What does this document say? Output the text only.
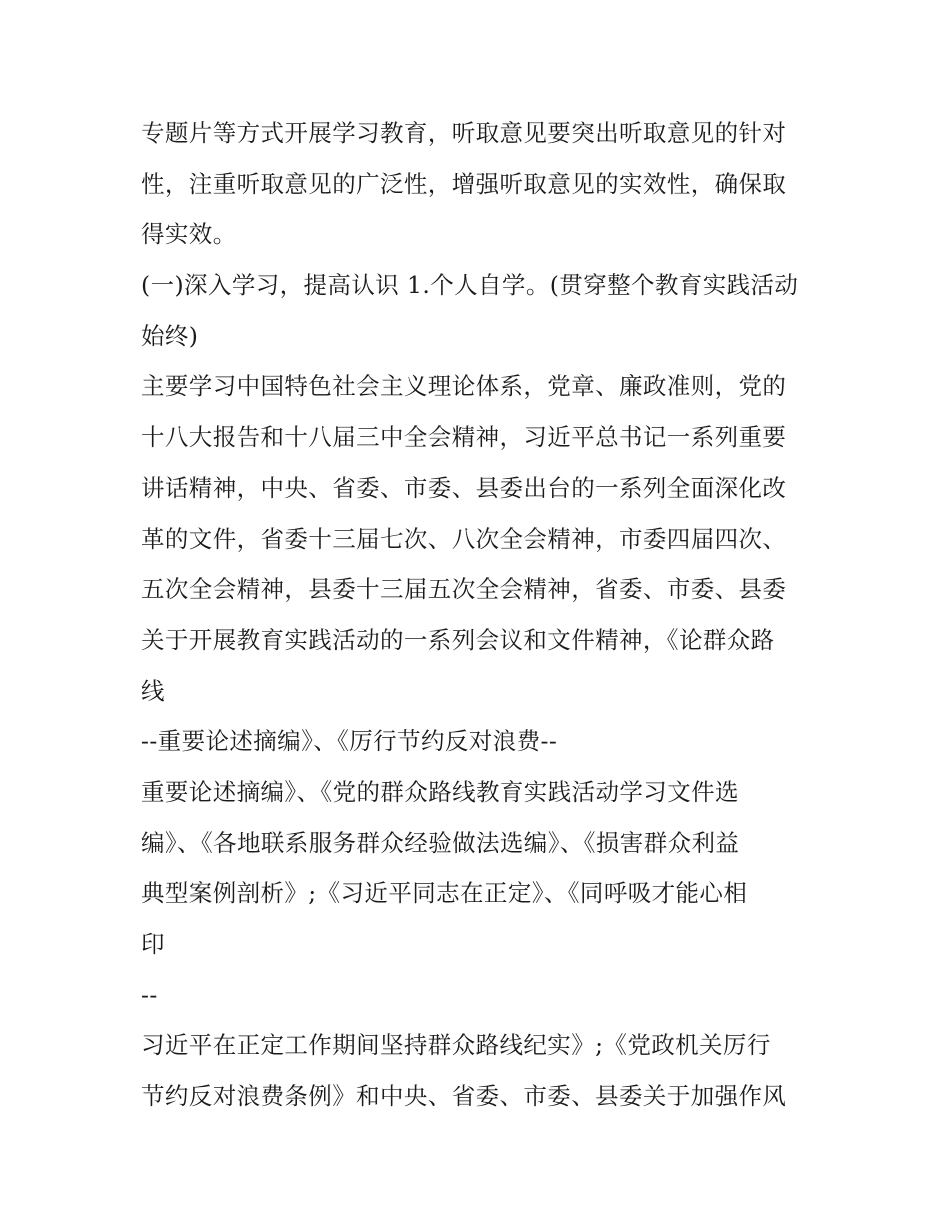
专题片等方式开展学习教育，听取意见要突出听取意见的针对
性，注重听取意见的广泛性，增强听取意见的实效性，确保取
得实效。
(一)深入学习，提高认识 1.个人自学。(贯穿整个教育实践活动
始终)
主要学习中国特色社会主义理论体系，党章、廉政准则，党的
十八大报告和十八届三中全会精神，习近平总书记一系列重要
讲话精神，中央、省委、市委、县委出台的一系列全面深化改
革的文件，省委十三届七次、八次全会精神，市委四届四次、
五次全会精神，县委十三届五次全会精神，省委、市委、县委
关于开展教育实践活动的一系列会议和文件精神，《论群众路
线
--重要论述摘编》、《厉行节约反对浪费--
重要论述摘编》、《党的群众路线教育实践活动学习文件选
编》、《各地联系服务群众经验做法选编》、《损害群众利益
典型案例剖析》;《习近平同志在正定》、《同呼吸才能心相
印
--
习近平在正定工作期间坚持群众路线纪实》;《党政机关厉行
节约反对浪费条例》和中央、省委、市委、县委关于加强作风
